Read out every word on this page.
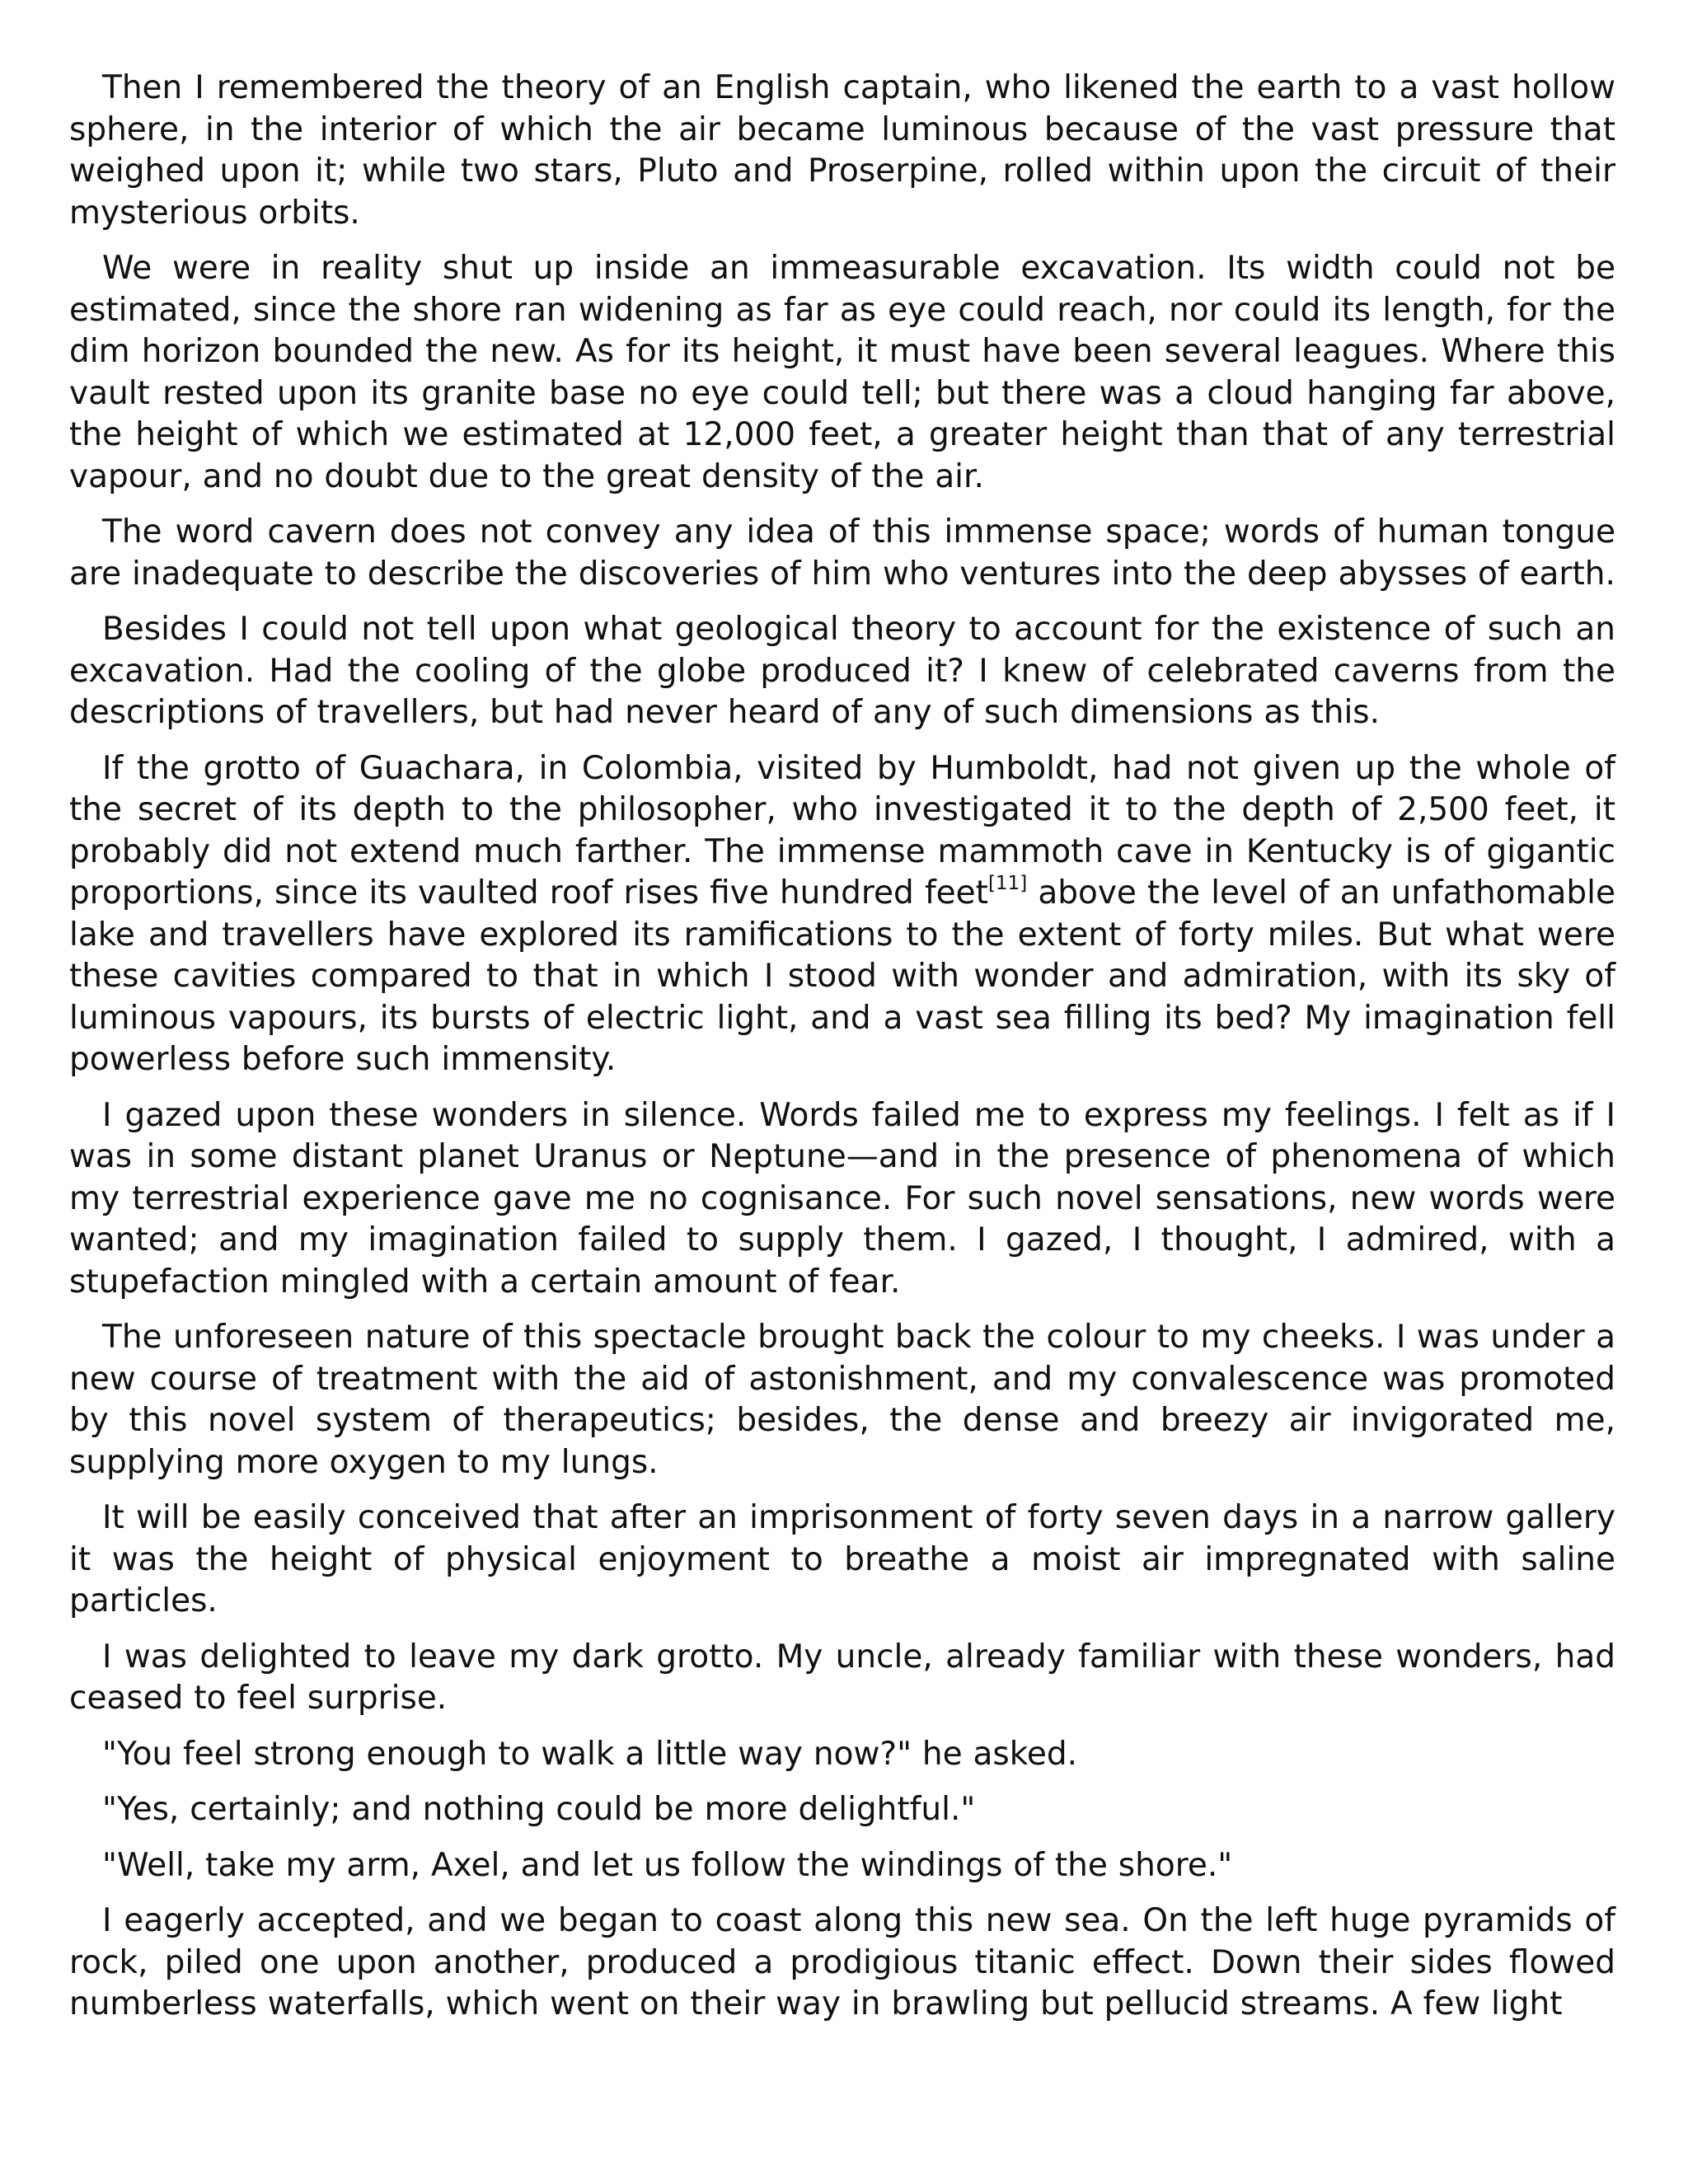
Then I remembered the theory of an English captain, who likened the earth to a vast hollow sphere, in the interior of which the air became luminous because of the vast pressure that weighed upon it; while two stars, Pluto and Proserpine, rolled within upon the circuit of their mysterious orbits.

We were in reality shut up inside an immeasurable excavation. Its width could not be estimated, since the shore ran widening as far as eye could reach, nor could its length, for the dim horizon bounded the new. As for its height, it must have been several leagues. Where this vault rested upon its granite base no eye could tell; but there was a cloud hanging far above, the height of which we estimated at 12,000 feet, a greater height than that of any terrestrial vapour, and no doubt due to the great density of the air.

The word cavern does not convey any idea of this immense space; words of human tongue are inadequate to describe the discoveries of him who ventures into the deep abysses of earth.

Besides I could not tell upon what geological theory to account for the existence of such an excavation. Had the cooling of the globe produced it? I knew of celebrated caverns from the descriptions of travellers, but had never heard of any of such dimensions as this.

If the grotto of Guachara, in Colombia, visited by Humboldt, had not given up the whole of the secret of its depth to the philosopher, who investigated it to the depth of 2,500 feet, it probably did not extend much farther. The immense mammoth cave in Kentucky is of gigantic proportions, since its vaulted roof rises five hundred feet[11] above the level of an unfathomable lake and travellers have explored its ramifications to the extent of forty miles. But what were these cavities compared to that in which I stood with wonder and admiration, with its sky of luminous vapours, its bursts of electric light, and a vast sea filling its bed? My imagination fell powerless before such immensity.

I gazed upon these wonders in silence. Words failed me to express my feelings. I felt as if I was in some distant planet Uranus or Neptune—and in the presence of phenomena of which my terrestrial experience gave me no cognisance. For such novel sensations, new words were wanted; and my imagination failed to supply them. I gazed, I thought, I admired, with a stupefaction mingled with a certain amount of fear.

The unforeseen nature of this spectacle brought back the colour to my cheeks. I was under a new course of treatment with the aid of astonishment, and my convalescence was promoted by this novel system of therapeutics; besides, the dense and breezy air invigorated me, supplying more oxygen to my lungs.

It will be easily conceived that after an imprisonment of forty seven days in a narrow gallery it was the height of physical enjoyment to breathe a moist air impregnated with saline particles.

I was delighted to leave my dark grotto. My uncle, already familiar with these wonders, had ceased to feel surprise.

"You feel strong enough to walk a little way now?" he asked.

"Yes, certainly; and nothing could be more delightful."

"Well, take my arm, Axel, and let us follow the windings of the shore."

I eagerly accepted, and we began to coast along this new sea. On the left huge pyramids of rock, piled one upon another, produced a prodigious titanic effect. Down their sides flowed numberless waterfalls, which went on their way in brawling but pellucid streams. A few light
